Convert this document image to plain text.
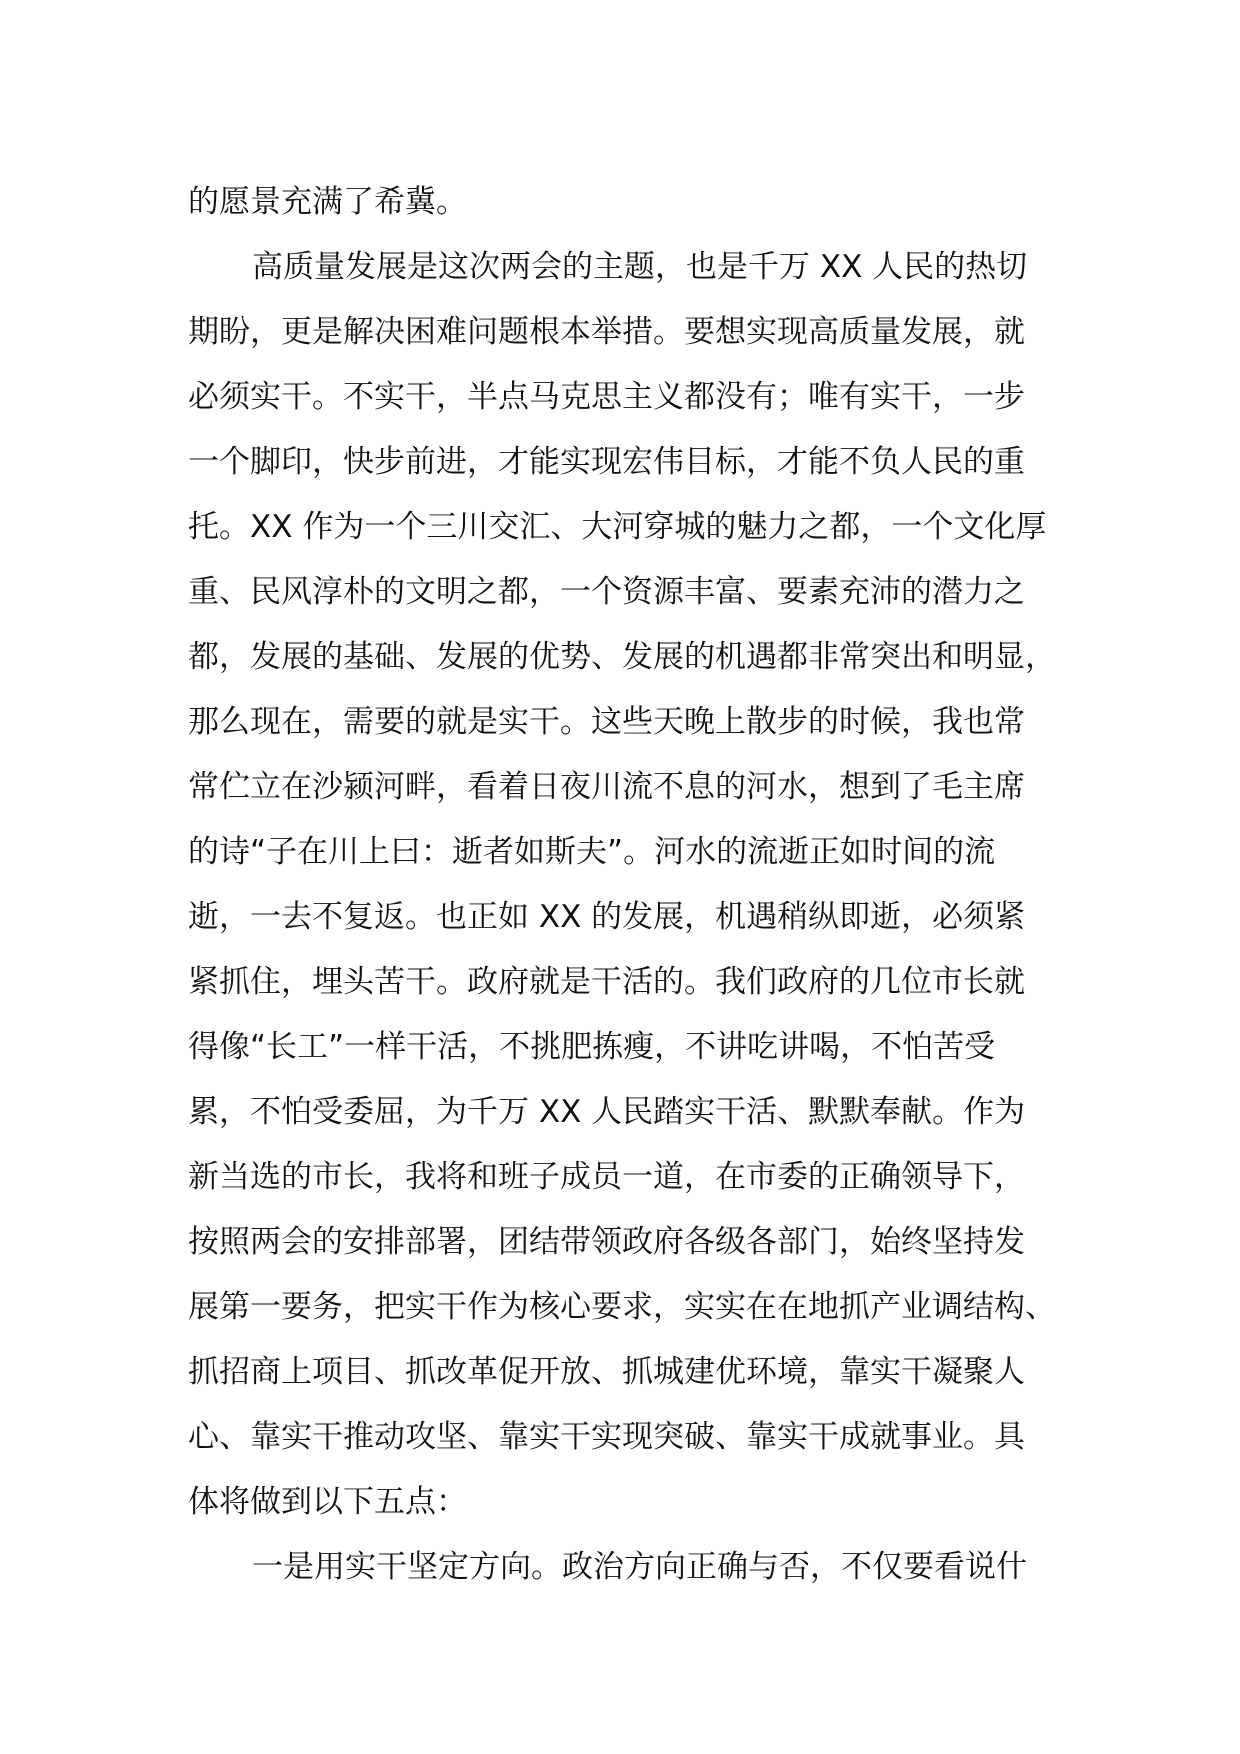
的愿景充满了希冀。
高质量发展是这次两会的主题，也是千万 XX 人民的热切
期盼，更是解决困难问题根本举措。要想实现高质量发展，就
必须实干。不实干，半点马克思主义都没有；唯有实干，一步
一个脚印，快步前进，才能实现宏伟目标，才能不负人民的重
托。XX 作为一个三川交汇、大河穿城的魅力之都，一个文化厚
重、民风淳朴的文明之都，一个资源丰富、要素充沛的潜力之
都，发展的基础、发展的优势、发展的机遇都非常突出和明显，
那么现在，需要的就是实干。这些天晚上散步的时候，我也常
常伫立在沙颍河畔，看着日夜川流不息的河水，想到了毛主席
的诗“子在川上曰：逝者如斯夫”。河水的流逝正如时间的流
逝，一去不复返。也正如 XX 的发展，机遇稍纵即逝，必须紧
紧抓住，埋头苦干。政府就是干活的。我们政府的几位市长就
得像“长工”一样干活，不挑肥拣瘦，不讲吃讲喝，不怕苦受
累，不怕受委屈，为千万 XX 人民踏实干活、默默奉献。作为
新当选的市长，我将和班子成员一道，在市委的正确领导下，
按照两会的安排部署，团结带领政府各级各部门，始终坚持发
展第一要务，把实干作为核心要求，实实在在地抓产业调结构、
抓招商上项目、抓改革促开放、抓城建优环境，靠实干凝聚人
心、靠实干推动攻坚、靠实干实现突破、靠实干成就事业。具
体将做到以下五点：
一是用实干坚定方向。政治方向正确与否，不仅要看说什
